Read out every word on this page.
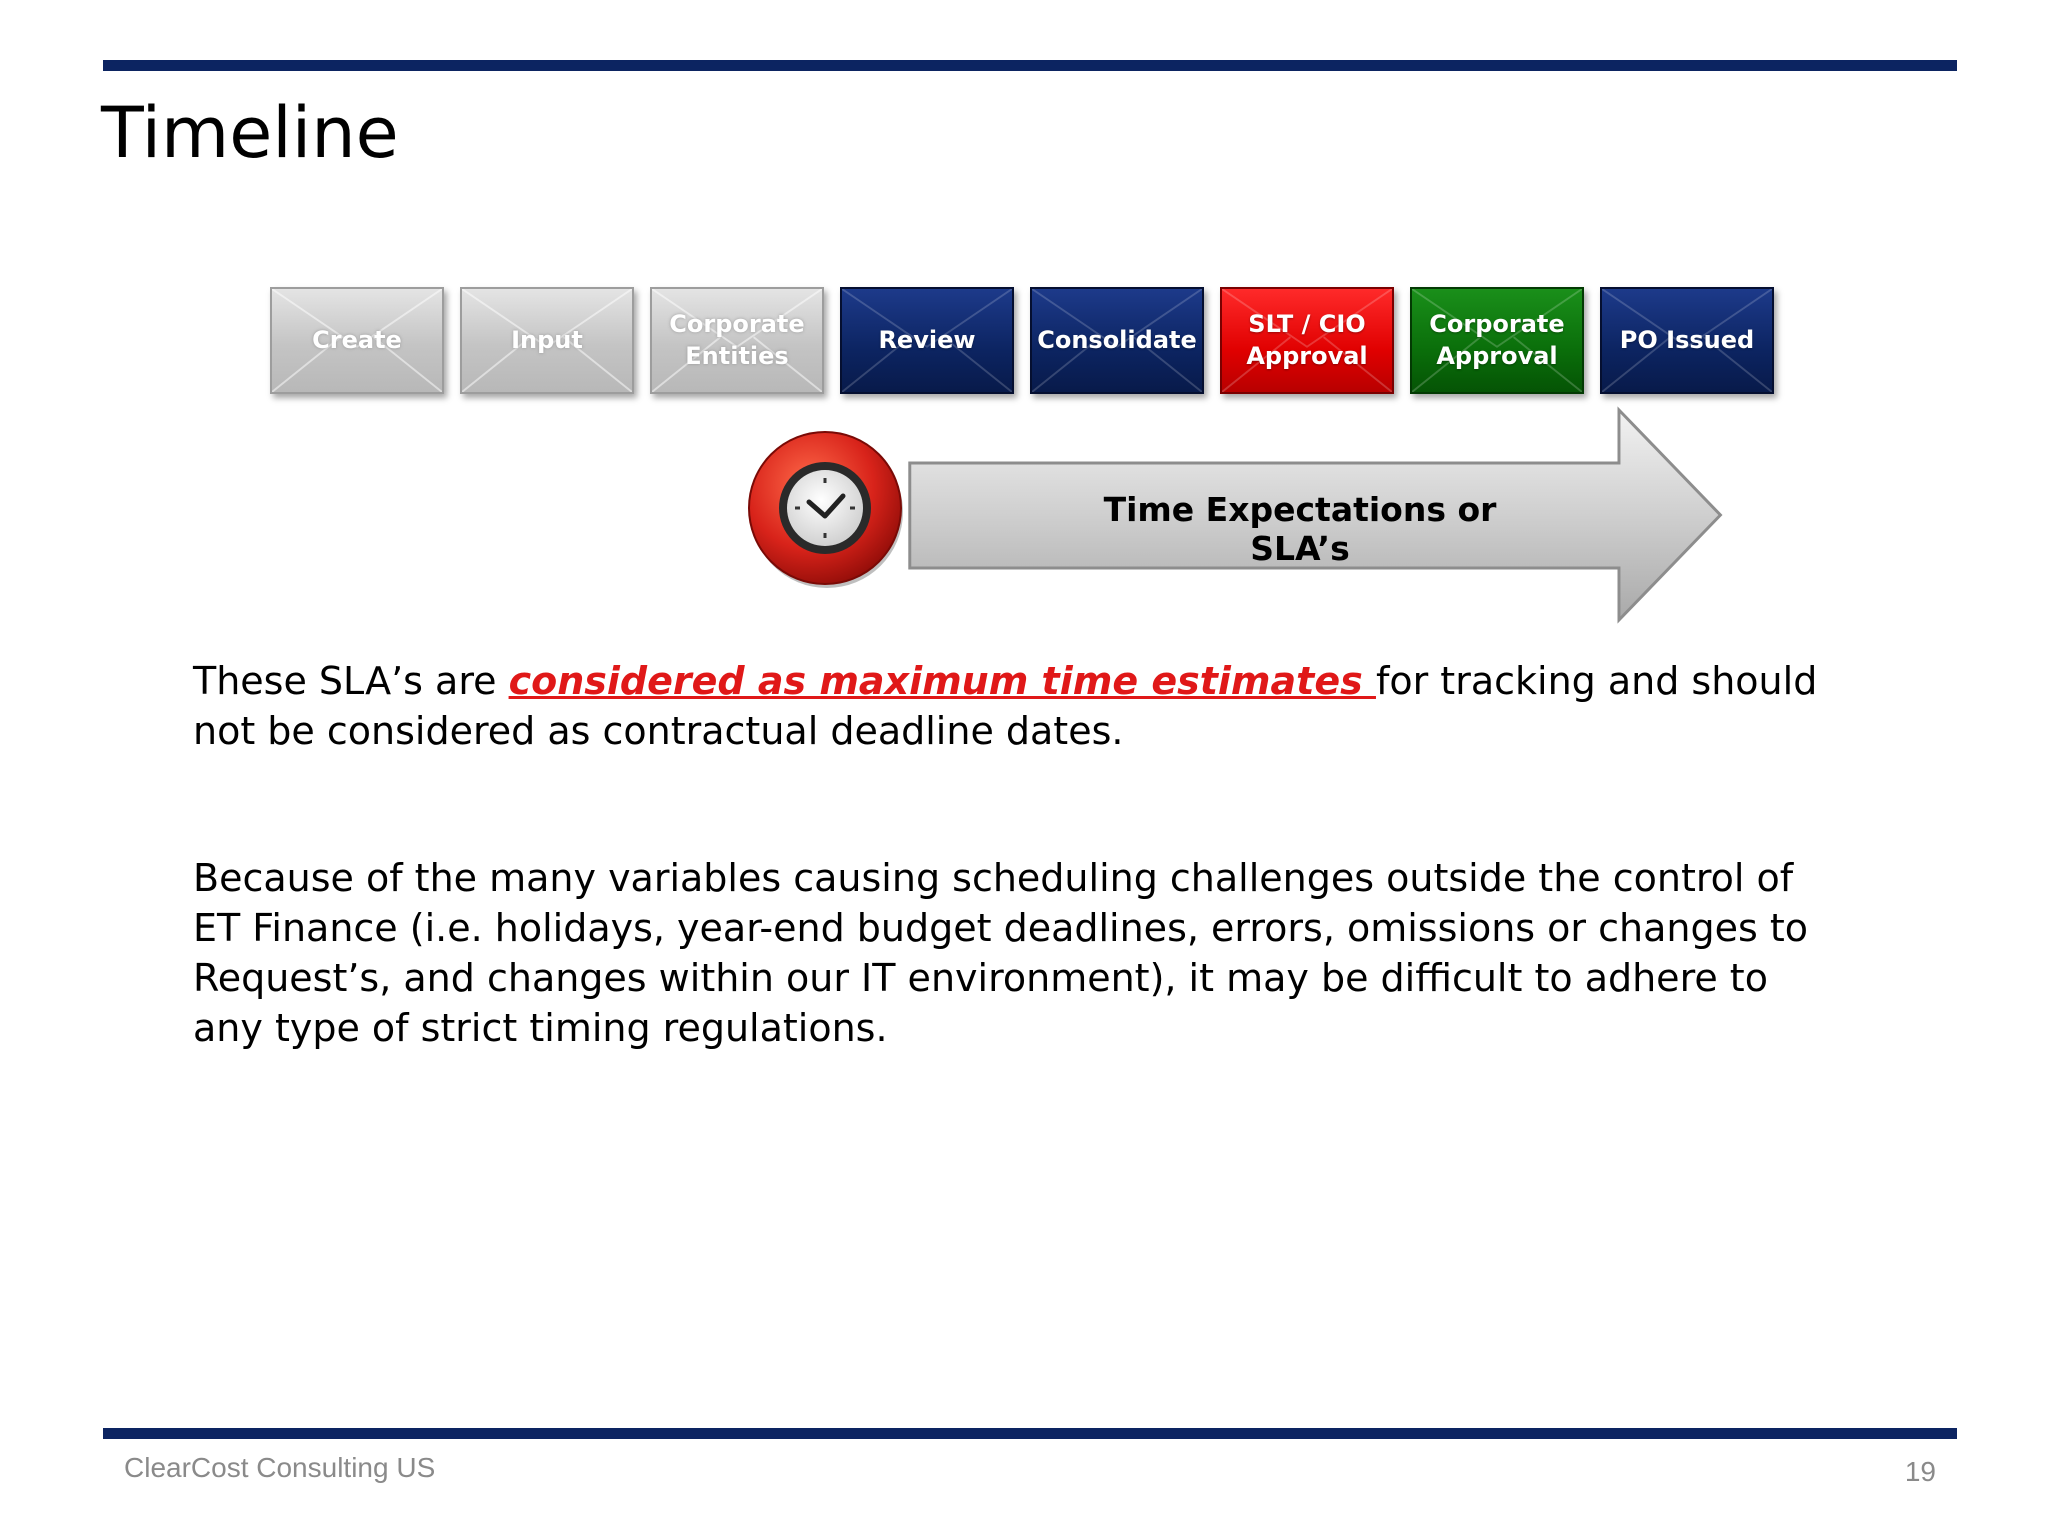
Timeline
Create	Input
Corporate Entities
Review	Consolidate
SLT / CIO Approval
Corporate Approval
PO Issued
Time Expectations or SLA’s
These SLA’s are considered as maximum time estimates for tracking and should not be considered as contractual deadline dates.
Because of the many variables causing scheduling challenges outside the control of ET Finance (i.e. holidays, year-end budget deadlines, errors, omissions or changes to Request’s, and changes within our IT environment), it may be difficult to adhere to any type of strict timing regulations.
ClearCost Consulting US	19
